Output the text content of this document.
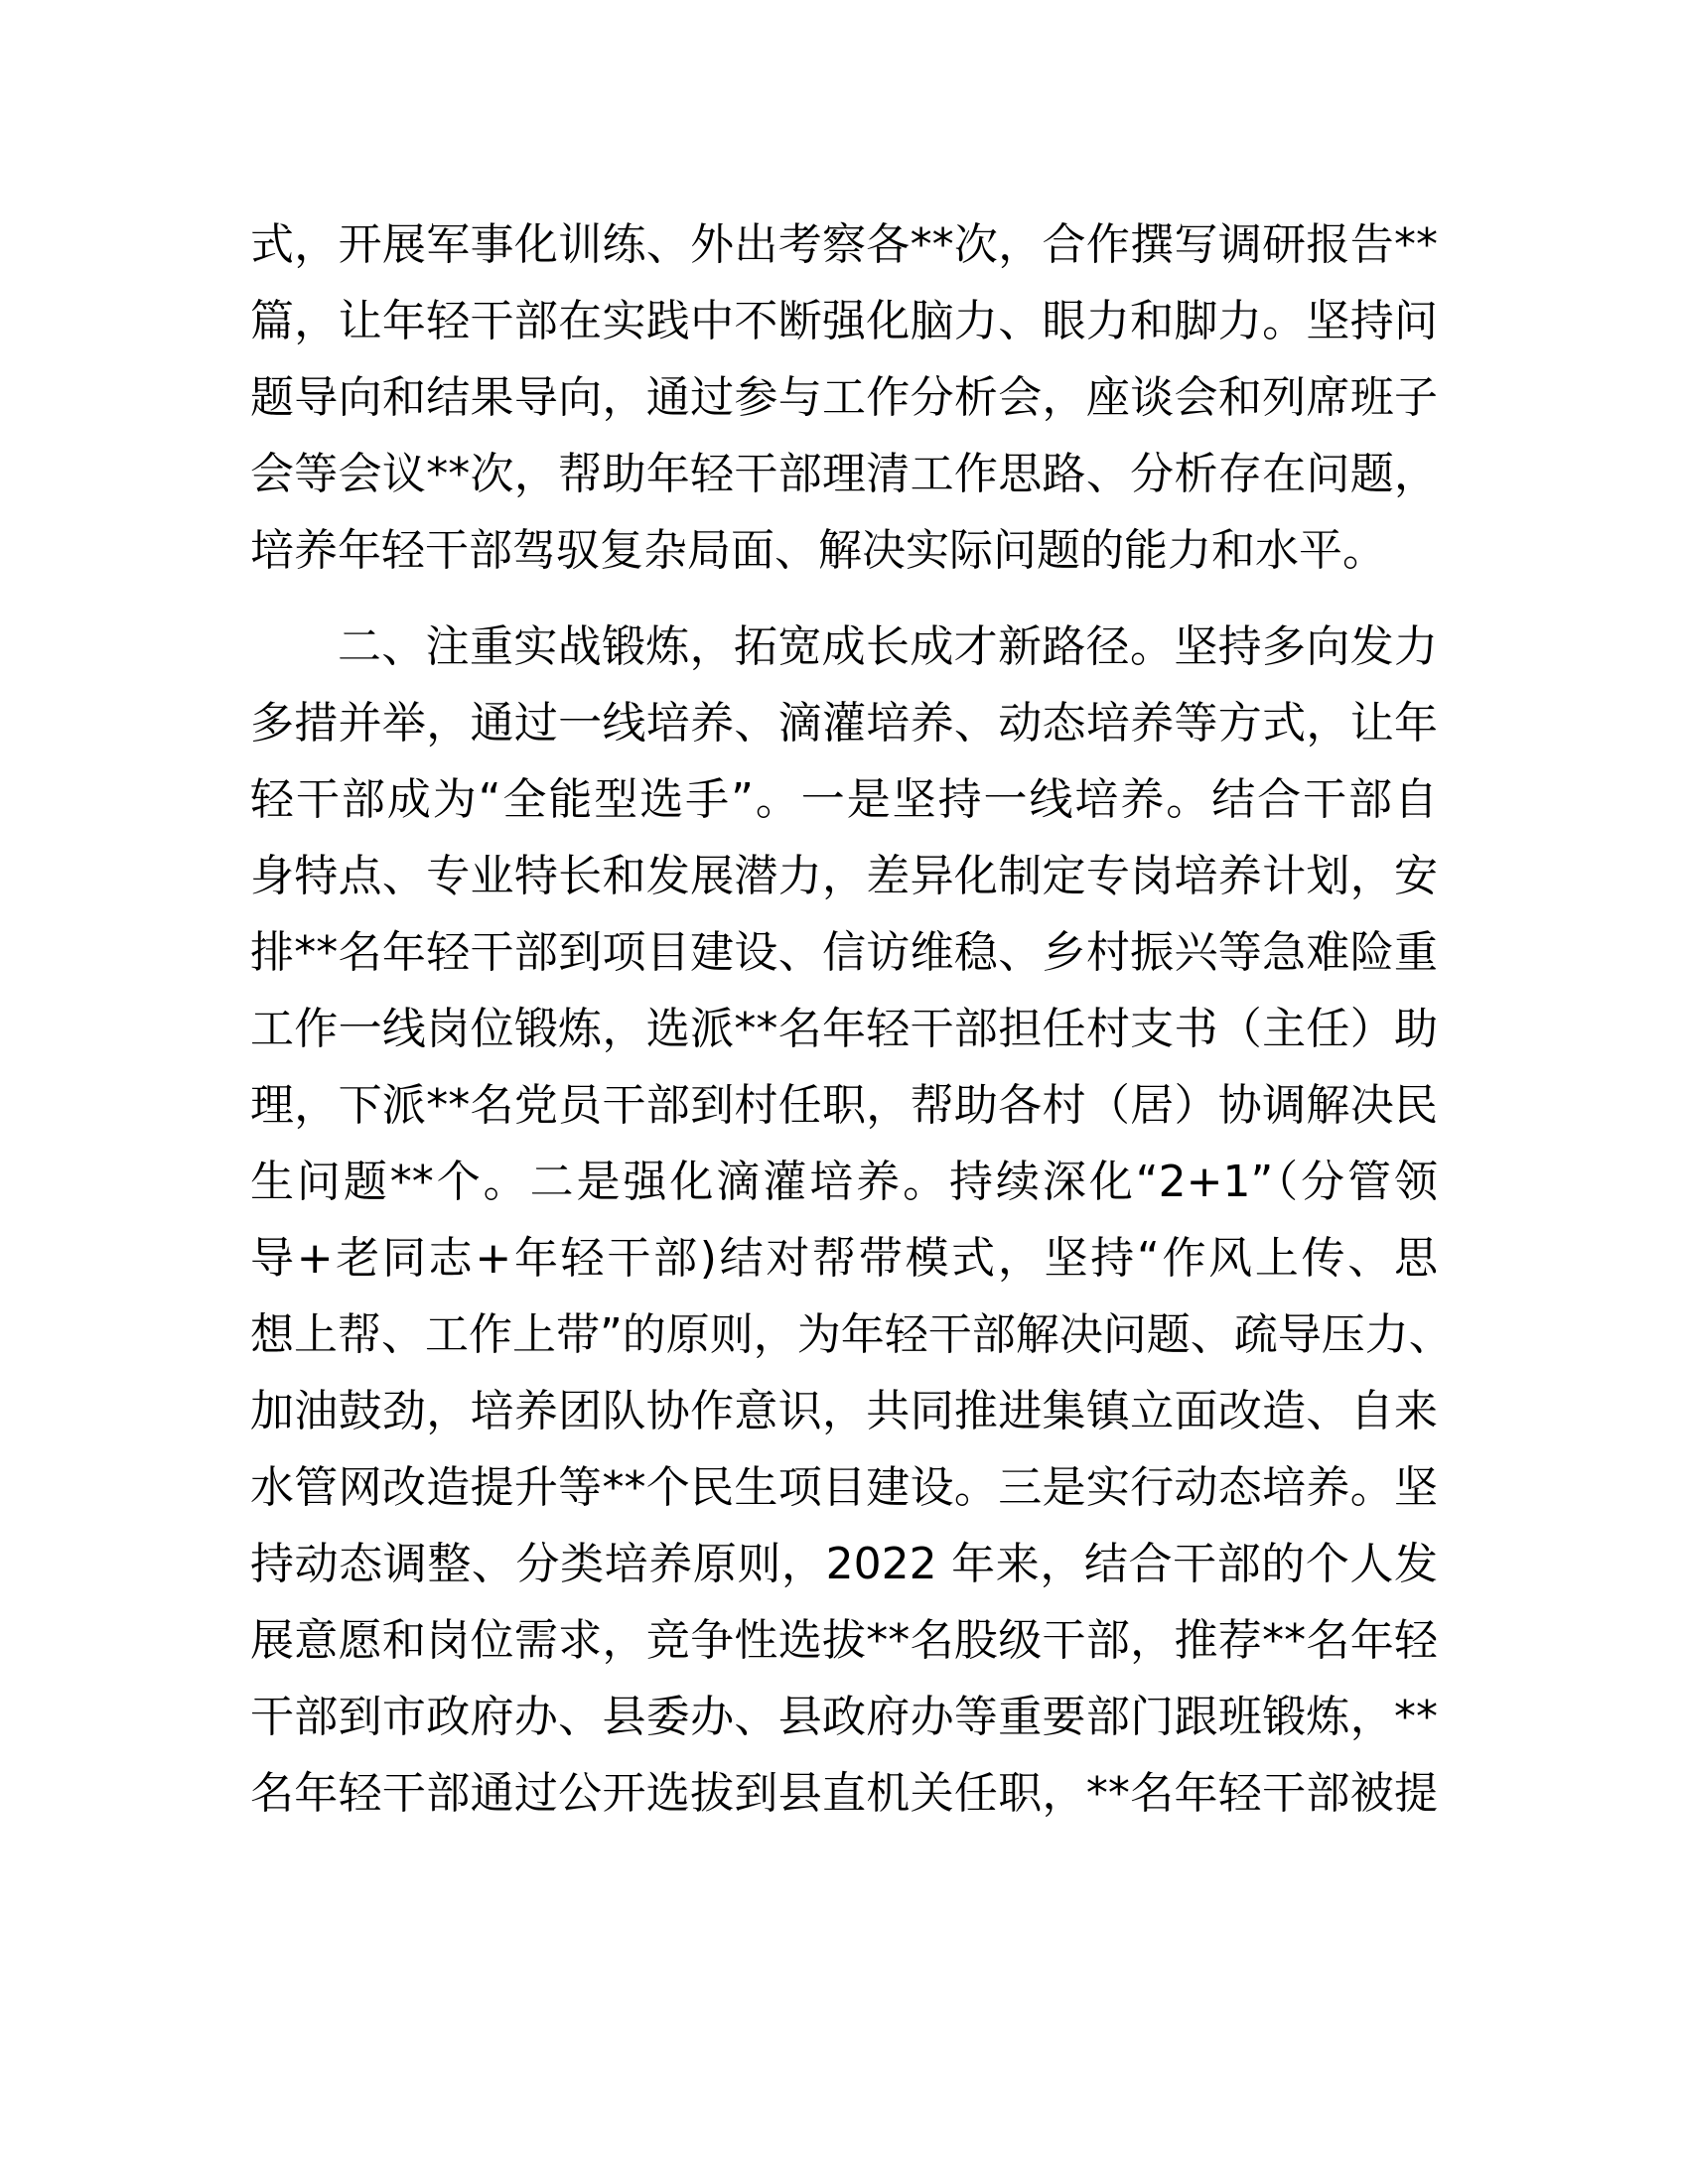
式，开展军事化训练、外出考察各**次，合作撰写调研报告**
篇，让年轻干部在实践中不断强化脑力、眼力和脚力。坚持问
题导向和结果导向，通过参与工作分析会，座谈会和列席班子
会等会议**次，帮助年轻干部理清工作思路、分析存在问题，
培养年轻干部驾驭复杂局面、解决实际问题的能力和水平。

二、注重实战锻炼，拓宽成长成才新路径。坚持多向发力
多措并举，通过一线培养、滴灌培养、动态培养等方式，让年
轻干部成为“全能型选手”。一是坚持一线培养。结合干部自
身特点、专业特长和发展潜力，差异化制定专岗培养计划，安
排**名年轻干部到项目建设、信访维稳、乡村振兴等急难险重
工作一线岗位锻炼，选派**名年轻干部担任村支书（主任）助
理，下派**名党员干部到村任职，帮助各村（居）协调解决民
生问题**个。二是强化滴灌培养。持续深化“2+1”（分管领
导+老同志+年轻干部)结对帮带模式，坚持“作风上传、思
想上帮、工作上带”的原则，为年轻干部解决问题、疏导压力、
加油鼓劲，培养团队协作意识，共同推进集镇立面改造、自来
水管网改造提升等**个民生项目建设。三是实行动态培养。坚
持动态调整、分类培养原则，2022 年来，结合干部的个人发
展意愿和岗位需求，竞争性选拔**名股级干部，推荐**名年轻
干部到市政府办、县委办、县政府办等重要部门跟班锻炼，**
名年轻干部通过公开选拔到县直机关任职，**名年轻干部被提
